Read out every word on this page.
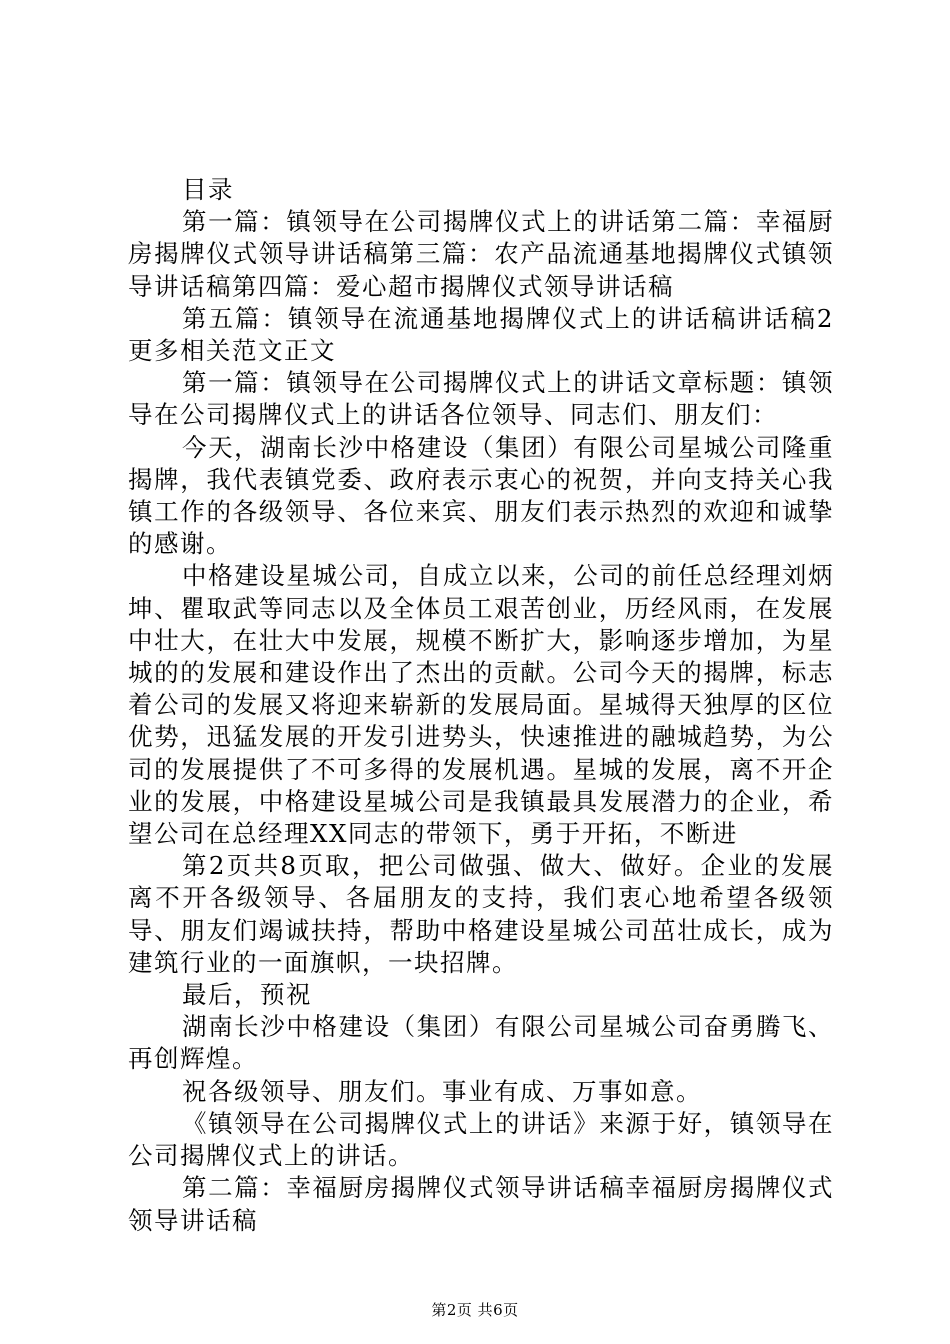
目录

第一篇：镇领导在公司揭牌仪式上的讲话第二篇：幸福厨房揭牌仪式领导讲话稿第三篇：农产品流通基地揭牌仪式镇领导讲话稿第四篇：爱心超市揭牌仪式领导讲话稿

第五篇：镇领导在流通基地揭牌仪式上的讲话稿讲话稿2更多相关范文正文

第一篇：镇领导在公司揭牌仪式上的讲话文章标题：镇领导在公司揭牌仪式上的讲话各位领导、同志们、朋友们：

今天，湖南长沙中格建设（集团）有限公司星城公司隆重揭牌，我代表镇党委、政府表示衷心的祝贺，并向支持关心我镇工作的各级领导、各位来宾、朋友们表示热烈的欢迎和诚挚的感谢。

中格建设星城公司，自成立以来，公司的前任总经理刘炳坤、瞿取武等同志以及全体员工艰苦创业，历经风雨，在发展中壮大，在壮大中发展，规模不断扩大，影响逐步增加，为星城的的发展和建设作出了杰出的贡献。公司今天的揭牌，标志着公司的发展又将迎来崭新的发展局面。星城得天独厚的区位优势，迅猛发展的开发引进势头，快速推进的融城趋势，为公司的发展提供了不可多得的发展机遇。星城的发展，离不开企业的发展，中格建设星城公司是我镇最具发展潜力的企业，希望公司在总经理XX同志的带领下，勇于开拓，不断进

第2页共8页取，把公司做强、做大、做好。企业的发展离不开各级领导、各届朋友的支持，我们衷心地希望各级领导、朋友们竭诚扶持，帮助中格建设星城公司茁壮成长，成为建筑行业的一面旗帜，一块招牌。

最后，预祝

湖南长沙中格建设（集团）有限公司星城公司奋勇腾飞、再创辉煌。

祝各级领导、朋友们。事业有成、万事如意。

《镇领导在公司揭牌仪式上的讲话》来源于好，镇领导在公司揭牌仪式上的讲话。

第二篇：幸福厨房揭牌仪式领导讲话稿幸福厨房揭牌仪式领导讲话稿

第2页 共6页
